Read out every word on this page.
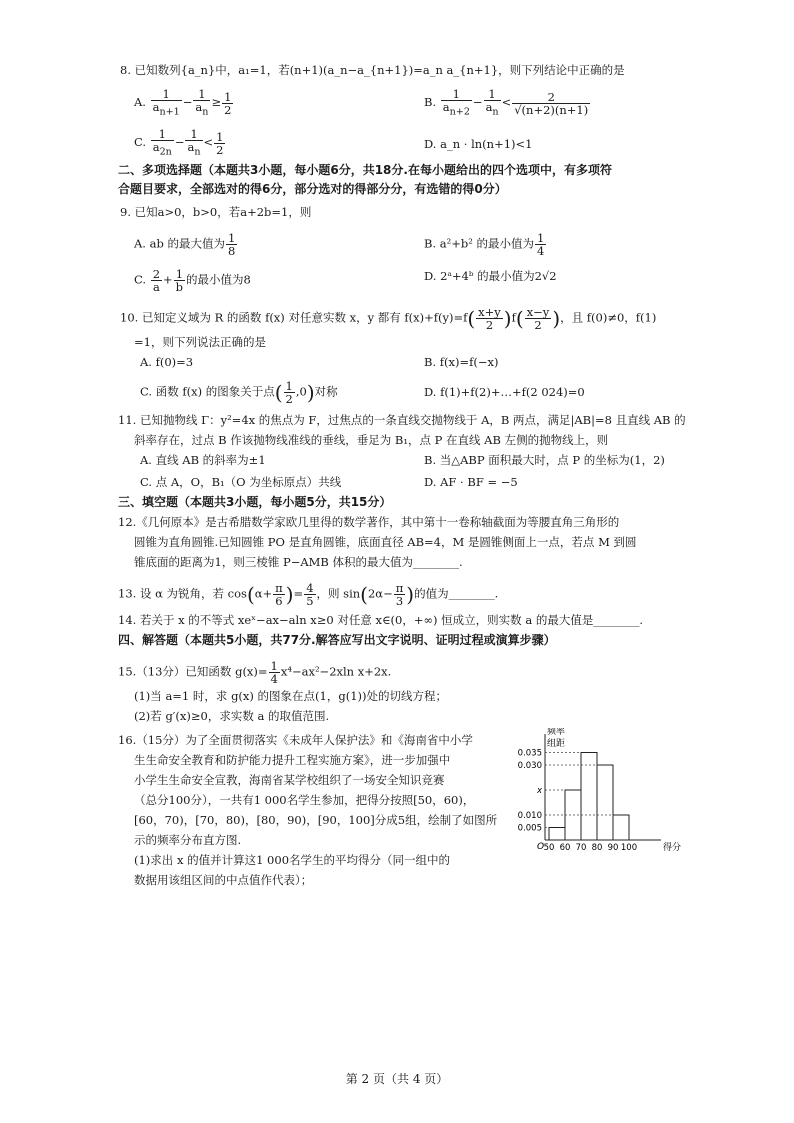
8. 已知数列{a_n}中，a₁=1，若(n+1)(a_n−a_{n+1})=a_n a_{n+1}，则下列结论中正确的是
A. $\frac{1}{a_{n+1}} - \frac{1}{a_n} \ge \frac{1}{2}$	B. $\frac{1}{a_{n+2}} - \frac{1}{a_n} < \frac{2}{√(n+2)(n+1)}$
C. $\frac{1}{a_{2n}} - \frac{1}{a_n} < \frac{1}{2}$	D. a_n · ln(n+1)<1
二、多项选择题（本题共3小题，每小题6分，共18分.在每小题给出的四个选项中，有多项符
合题目要求，全部选对的得6分，部分选对的得部分分，有选错的得0分）
9. 已知a>0，b>0，若a+2b=1，则
A. ab 的最大值为 $\frac{1}{8}$	B. a²+b² 的最小值为 $\frac{1}{4}$
C. $\frac{2}{a} + \frac{1}{b}$ 的最小值为8	D. 2ᵃ+4ᵇ 的最小值为2√2
10. 已知定义域为 R 的函数 f(x) 对任意实数 x，y 都有 $f(x)+f(y)=f( \frac{x+y}{2} )f( \frac{x-y}{2}$ )，且 f(0)≠0，f(1)
=1，则下列说法正确的是
A. f(0)=3	B. f(x)=f(−x)
C. 函数 f(x) 的图象关于点( $\frac{1}{2} ,0$)对称	D. f(1)+f(2)+…+f(2 024)=0
11. 已知抛物线 Γ：y²=4x 的焦点为 F，过焦点的一条直线交抛物线于 A，B 两点，满足|AB|=8 且直线 AB 的
斜率存在，过点 B 作该抛物线准线的垂线，垂足为 B₁，点 P 在直线 AB 左侧的抛物线上，则
A. 直线 AB 的斜率为±1	B. 当△ABP 面积最大时，点 P 的坐标为(1，2)
C. 点 A，O，B₁（O 为坐标原点）共线	D. AF · BF = −5
三、填空题（本题共3小题，每小题5分，共15分）
12.《几何原本》是古希腊数学家欧几里得的数学著作，其中第十一卷称轴截面为等腰直角三角形的
圆锥为直角圆锥.已知圆锥 PO 是直角圆锥，底面直径 AB=4，M 是圆锥侧面上一点，若点 M 到圆
锥底面的距离为1，则三棱锥 P−AMB 体积的最大值为________.
13. 设 α 为锐角，若 $\cos(\alpha+ \frac{\pi}{6}$ )= $\frac{4}{5}$ ，则 $\sin(2\alpha- \frac{\pi}{3}$ )的值为________.
14. 若关于 x 的不等式 xeˣ−ax−aln x≥0 对任意 x∈(0，+∞) 恒成立，则实数 a 的最大值是________.
四、解答题（本题共5小题，共77分.解答应写出文字说明、证明过程或演算步骤）
15.（13分）已知函数 $g(x)= \frac{1}{4} x^4-ax^2-2xln$ x+2x.
(1)当 a=1 时，求 g(x) 的图象在点(1，g(1))处的切线方程；
(2)若 g′(x)≥0，求实数 a 的取值范围.
16.（15分）为了全面贯彻落实《未成年人保护法》和《海南省中小学
生生命安全教育和防护能力提升工程实施方案》，进一步加强中
小学生生命安全宣教，海南省某学校组织了一场安全知识竞赛
（总分100分），一共有1 000名学生参加，把得分按照[50，60)，
[60，70)，[70，80)，[80，90)，[90，100]分成5组，绘制了如图所
示的频率分布直方图.
(1)求出 x 的值并计算这1 000名学生的平均得分（同一组中的
数据用该组区间的中点值作代表）；
0.005
0.010
x
0.030
0.035
50 60 70 80 90 100
O	得分
频率
组距
第 2 页（共 4 页）
